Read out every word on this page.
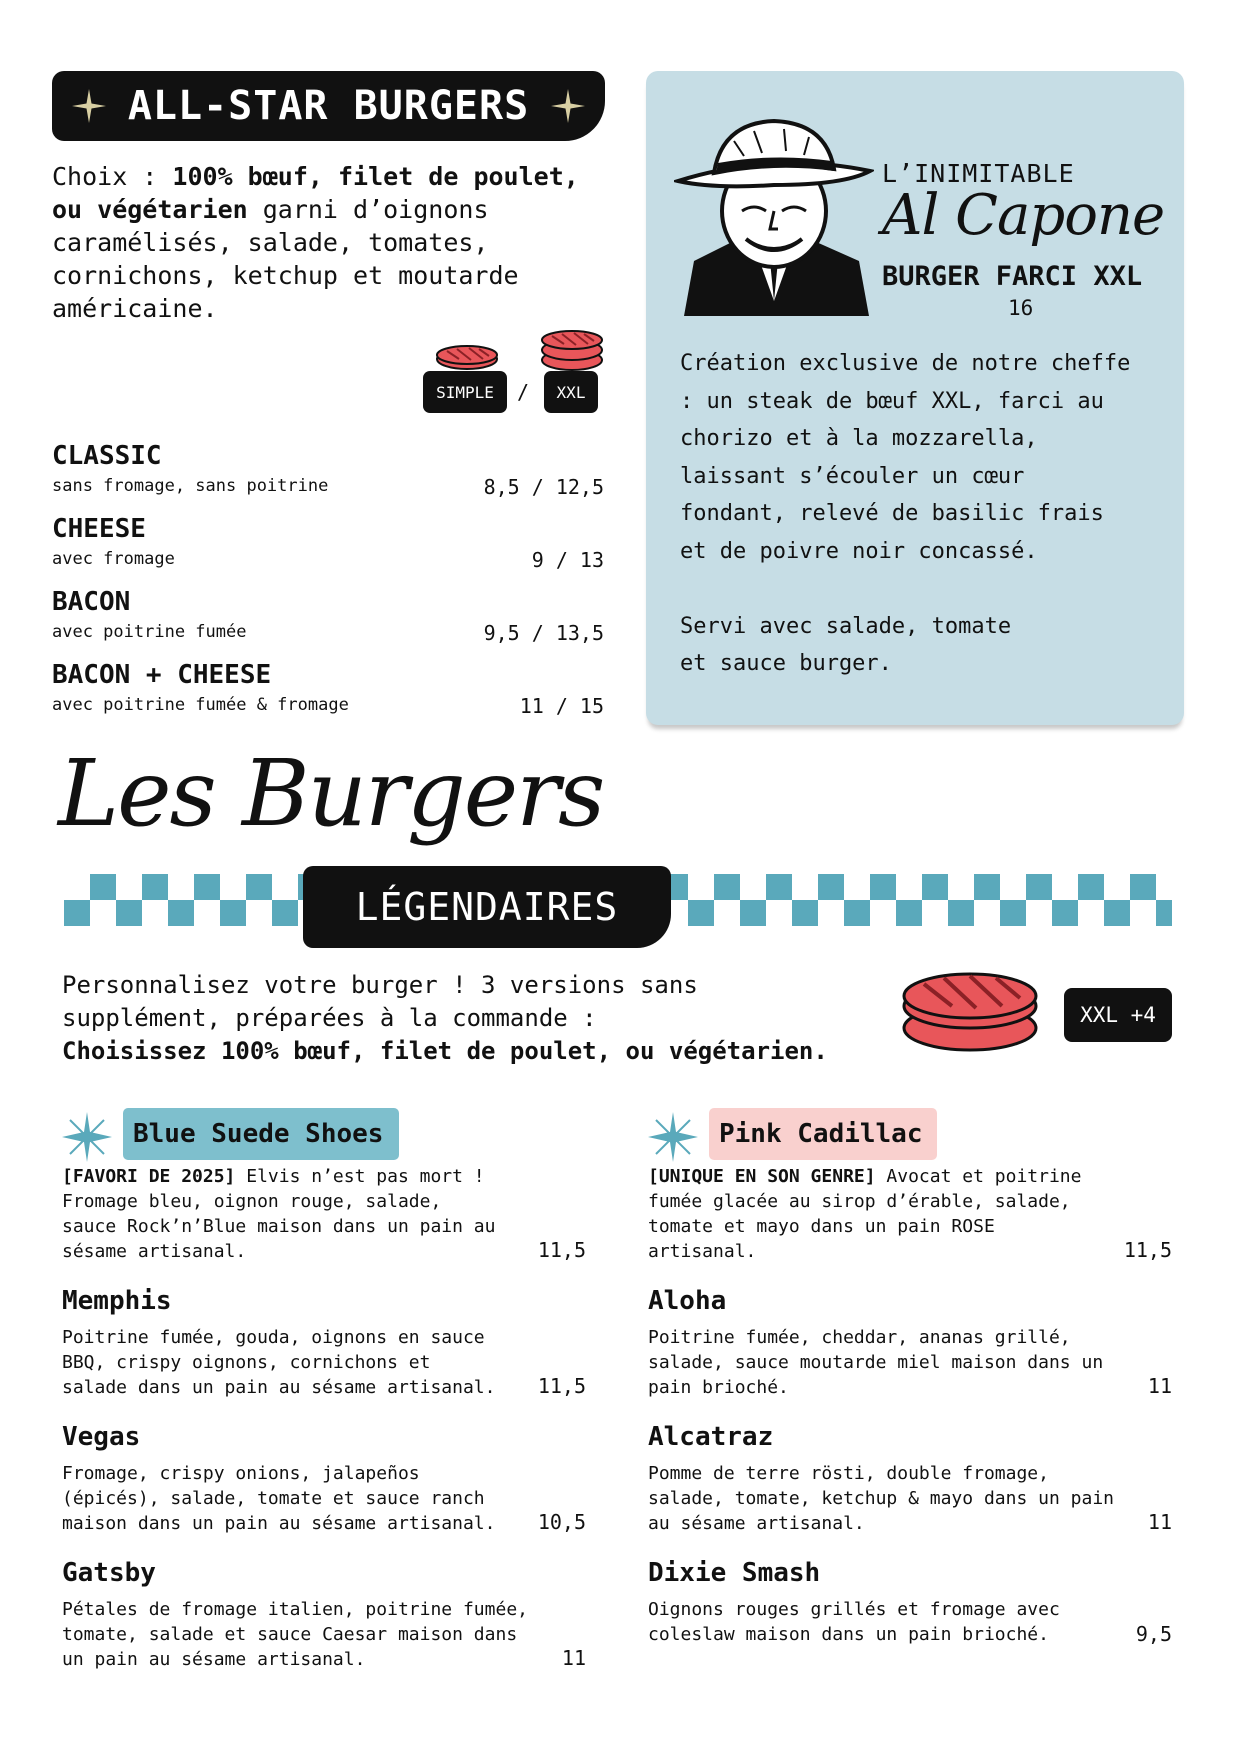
ALL-STAR BURGERS
Choix : 100% bœuf, filet de poulet,
ou végétarien garni d’oignons caramélisés, salade, tomates, cornichons, ketchup et moutarde américaine.
SIMPLE	/	XXL
CLASSIC
sans fromage, sans poitrine	8,5 / 12,5
CHEESE
avec fromage	9 / 13
BACON
avec poitrine fumée	9,5 / 13,5
BACON + CHEESE
avec poitrine fumée & fromage	11 / 15
L’INIMITABLE
Al Capone
BURGER FARCI XXL
16
Création exclusive de notre cheffe
: un steak de bœuf XXL, farci au
chorizo et à la mozzarella,
laissant s’écouler un cœur
fondant, relevé de basilic frais
et de poivre noir concassé.
Servi avec salade, tomate
et sauce burger.
Les Burgers
LÉGENDAIRES
Personnalisez votre burger ! 3 versions sans
supplément, préparées à la commande :
Choisissez 100% bœuf, filet de poulet, ou végétarien.
XXL +4
Blue Suede Shoes
[FAVORI DE 2025] Elvis n’est pas mort !
Fromage bleu, oignon rouge, salade,
sauce Rock’n’Blue maison dans un pain au
sésame artisanal.	11,5
Pink Cadillac
[UNIQUE EN SON GENRE] Avocat et poitrine
fumée glacée au sirop d’érable, salade,
tomate et mayo dans un pain ROSE
artisanal.	11,5
Memphis
Poitrine fumée, gouda, oignons en sauce
BBQ, crispy oignons, cornichons et
salade dans un pain au sésame artisanal.	11,5
Vegas
Fromage, crispy onions, jalapeños
(épicés), salade, tomate et sauce ranch
maison dans un pain au sésame artisanal.	10,5
Gatsby
Pétales de fromage italien, poitrine fumée,
tomate, salade et sauce Caesar maison dans
un pain au sésame artisanal.	11
Aloha
Poitrine fumée, cheddar, ananas grillé,
salade, sauce moutarde miel maison dans un
pain brioché.	11
Alcatraz
Pomme de terre rösti, double fromage,
salade, tomate, ketchup & mayo dans un pain
au sésame artisanal.	11
Dixie Smash
Oignons rouges grillés et fromage avec
coleslaw maison dans un pain brioché.	9,5
